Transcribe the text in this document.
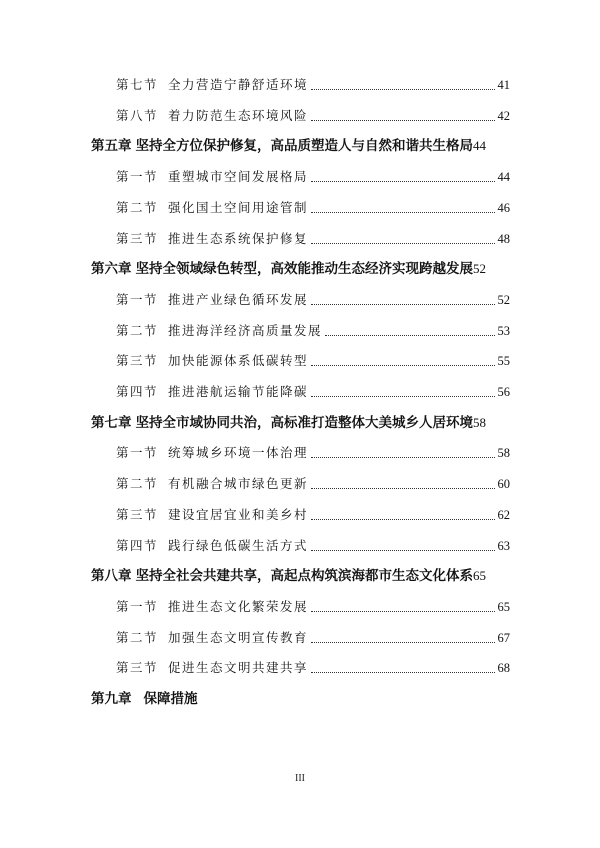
第七节 全力营造宁静舒适环境	41
第八节 着力防范生态环境风险	42
第五章 坚持全方位保护修复，高品质塑造人与自然和谐共生格局 44
第一节 重塑城市空间发展格局	44
第二节 强化国土空间用途管制	46
第三节 推进生态系统保护修复	48
第六章 坚持全领域绿色转型，高效能推动生态经济实现跨越发展 52
第一节 推进产业绿色循环发展	52
第二节 推进海洋经济高质量发展	53
第三节 加快能源体系低碳转型	55
第四节 推进港航运输节能降碳	56
第七章 坚持全市域协同共治，高标准打造整体大美城乡人居环境 58
第一节 统筹城乡环境一体治理	58
第二节 有机融合城市绿色更新	60
第三节 建设宜居宜业和美乡村	62
第四节 践行绿色低碳生活方式	63
第八章 坚持全社会共建共享，高起点构筑滨海都市生态文化体系 65
第一节 推进生态文化繁荣发展	65
第二节 加强生态文明宣传教育	67
第三节 促进生态文明共建共享	68
第九章 保障措施
III
